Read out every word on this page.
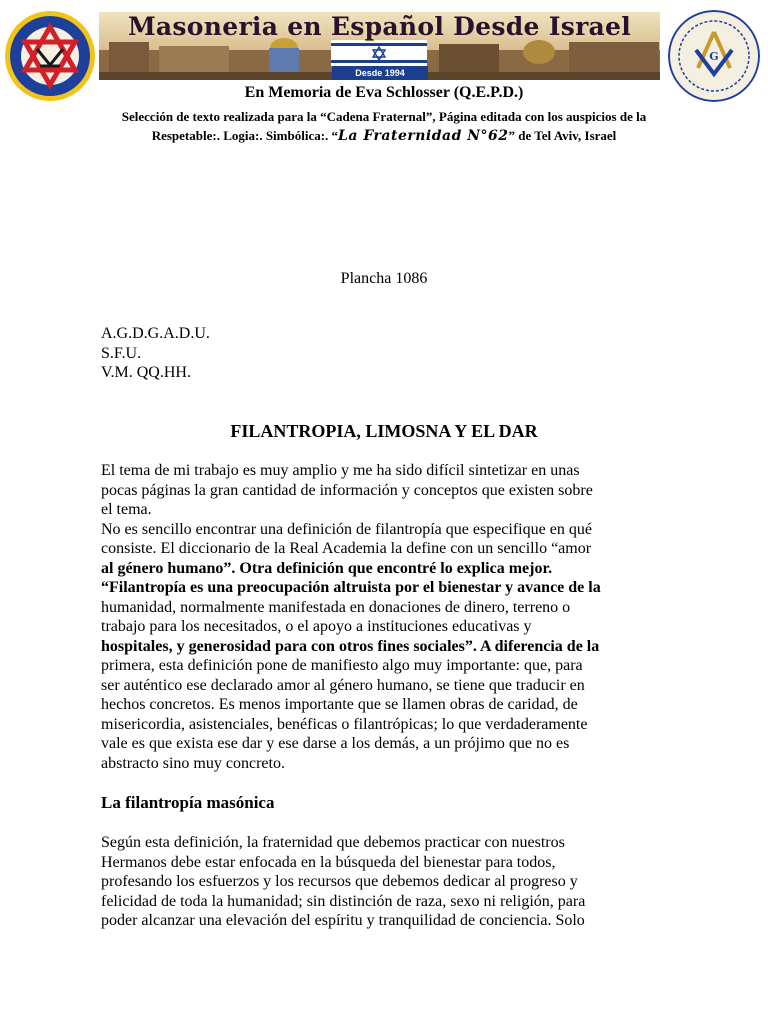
Masoneria en Español Desde Israel
Desde 1994
G
En Memoria de Eva Schlosser (Q.E.P.D.)
Selección de texto realizada para la “Cadena Fraternal”, Página editada con los auspicios de la
Respetable:. Logia:. Simbólica:. “La Fraternidad N°62” de Tel Aviv, Israel
Plancha 1086
A.G.D.G.A.D.U.
S.F.U.
V.M. QQ.HH.
FILANTROPIA, LIMOSNA Y EL DAR
El tema de mi trabajo es muy amplio y me ha sido difícil sintetizar en unas
pocas páginas la gran cantidad de información y conceptos que existen sobre
el tema.
No es sencillo encontrar una definición de filantropía que especifique en qué
consiste. El diccionario de la Real Academia la define con un sencillo “amor
al género humano”. Otra definición que encontré lo explica mejor.
“Filantropía es una preocupación altruista por el bienestar y avance de la
humanidad, normalmente manifestada en donaciones de dinero, terreno o
trabajo para los necesitados, o el apoyo a instituciones educativas y
hospitales, y generosidad para con otros fines sociales”. A diferencia de la
primera, esta definición pone de manifiesto algo muy importante: que, para
ser auténtico ese declarado amor al género humano, se tiene que traducir en
hechos concretos. Es menos importante que se llamen obras de caridad, de
misericordia, asistenciales, benéficas o filantrópicas; lo que verdaderamente
vale es que exista ese dar y ese darse a los demás, a un prójimo que no es
abstracto sino muy concreto.
La filantropía masónica
Según esta definición, la fraternidad que debemos practicar con nuestros
Hermanos debe estar enfocada en la búsqueda del bienestar para todos,
profesando los esfuerzos y los recursos que debemos dedicar al progreso y
felicidad de toda la humanidad; sin distinción de raza, sexo ni religión, para
poder alcanzar una elevación del espíritu y tranquilidad de conciencia. Solo
